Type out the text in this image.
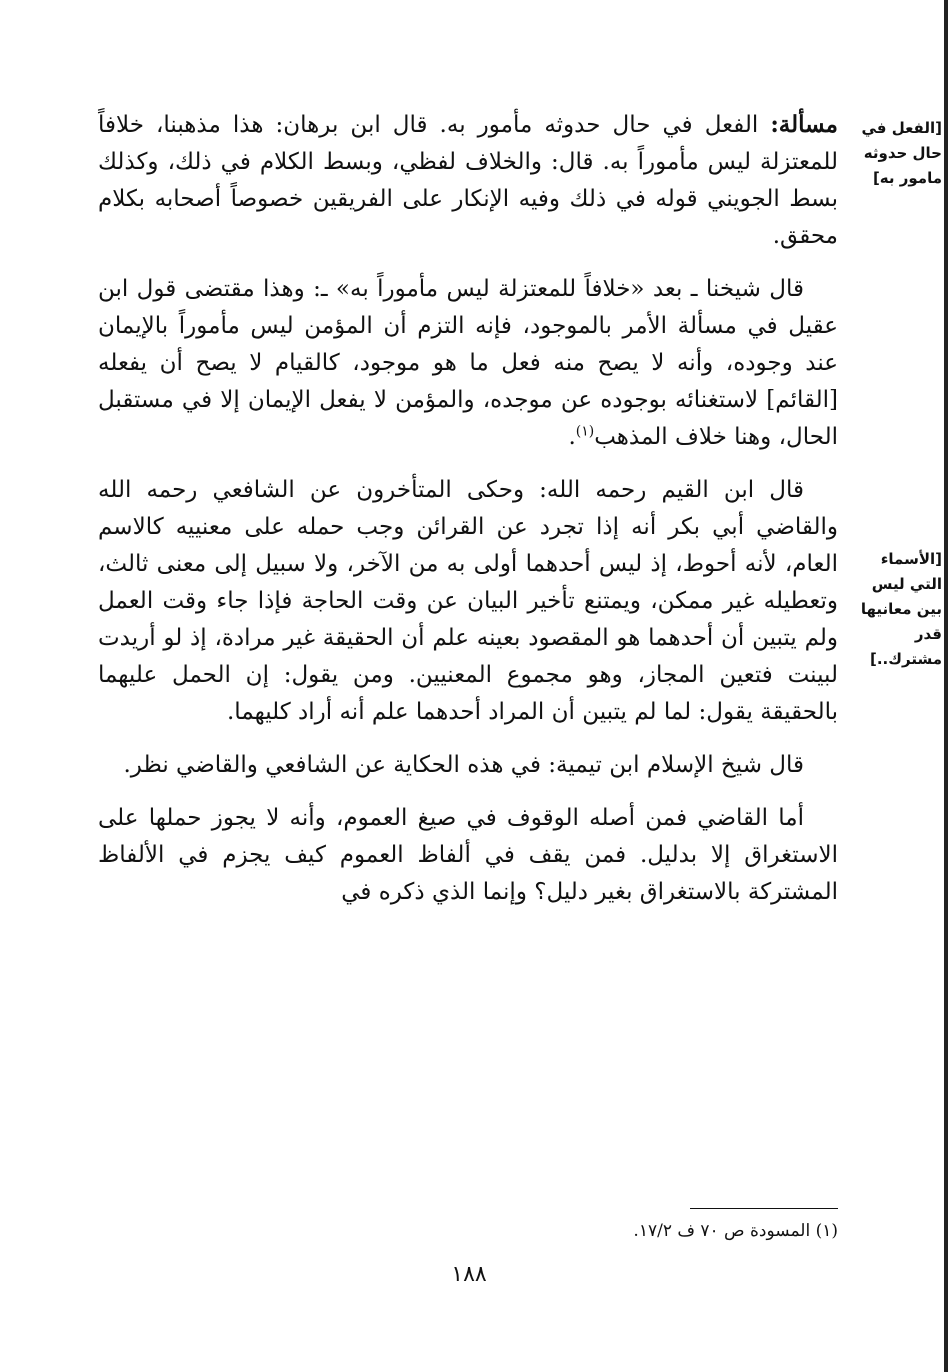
[الفعل في حال حدوثه مامور به]
[الأسماء التي ليس بين معانيها قدر مشترك..]

مسألة: الفعل في حال حدوثه مأمور به. قال ابن برهان: هذا مذهبنا، خلافاً للمعتزلة ليس مأموراً به. قال: والخلاف لفظي، وبسط الكلام في ذلك، وكذلك بسط الجويني قوله في ذلك وفيه الإنكار على الفريقين خصوصاً أصحابه بكلام محقق.

قال شيخنا ـ بعد «خلافاً للمعتزلة ليس مأموراً به» ـ: وهذا مقتضى قول ابن عقيل في مسألة الأمر بالموجود، فإنه التزم أن المؤمن ليس مأموراً بالإيمان عند وجوده، وأنه لا يصح منه فعل ما هو موجود، كالقيام لا يصح أن يفعله [القائم] لاستغنائه بوجوده عن موجده، والمؤمن لا يفعل الإيمان إلا في مستقبل الحال، وهنا خلاف المذهب$^{(١)}$.

قال ابن القيم رحمه الله: وحكى المتأخرون عن الشافعي رحمه الله والقاضي أبي بكر أنه إذا تجرد عن القرائن وجب حمله على معنييه كالاسم العام، لأنه أحوط، إذ ليس أحدهما أولى به من الآخر، ولا سبيل إلى معنى ثالث، وتعطيله غير ممكن، ويمتنع تأخير البيان عن وقت الحاجة فإذا جاء وقت العمل ولم يتبين أن أحدهما هو المقصود بعينه علم أن الحقيقة غير مرادة، إذ لو أريدت لبينت فتعين المجاز، وهو مجموع المعنيين. ومن يقول: إن الحمل عليهما بالحقيقة يقول: لما لم يتبين أن المراد أحدهما علم أنه أراد كليهما.

قال شيخ الإسلام ابن تيمية: في هذه الحكاية عن الشافعي والقاضي نظر.

أما القاضي فمن أصله الوقوف في صيغ العموم، وأنه لا يجوز حملها على الاستغراق إلا بدليل. فمن يقف في ألفاظ العموم كيف يجزم في الألفاظ المشتركة بالاستغراق بغير دليل؟ وإنما الذي ذكره في

(١) المسودة ص ٧٠ ف ١٧/٢.
١٨٨
